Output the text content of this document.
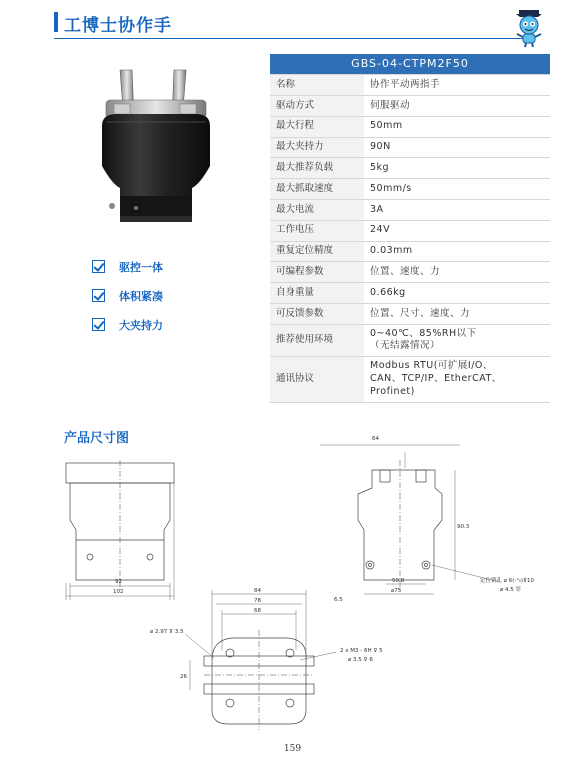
工博士协作手
驱控一体
体积紧凑
大夹持力
GBS-04-CTPM2F50	
名称	协作平动两指手
驱动方式	伺服驱动
最大行程	50mm
最大夹持力	90N
最大推荐负载	5kg
最大抓取速度	50mm/s
最大电流	3A
工作电压	24V
重复定位精度	0.03mm
可编程参数	位置、速度、力
自身重量	0.66kg
可反馈参数	位置、尺寸、速度、力
推荐使用环境	0~40℃、85%RH以下
（无结露情况）

通讯协议	Modbus RTU(可扩展I/O、
CAN、TCP/IP、EtherCAT、
Profinet)
产品尺寸图
92
102
64
90.3
50.8
⌀75
6.5
84
78
68
26
⌀ 2.97 ⊽ 3.5
2 x M3 - 6H ⊽ 5
⌀ 3.5 ⊽ 6
定位销孔 ⌀ 6(-⁰₀)⊽10
⌀ 4.5 穿
159
